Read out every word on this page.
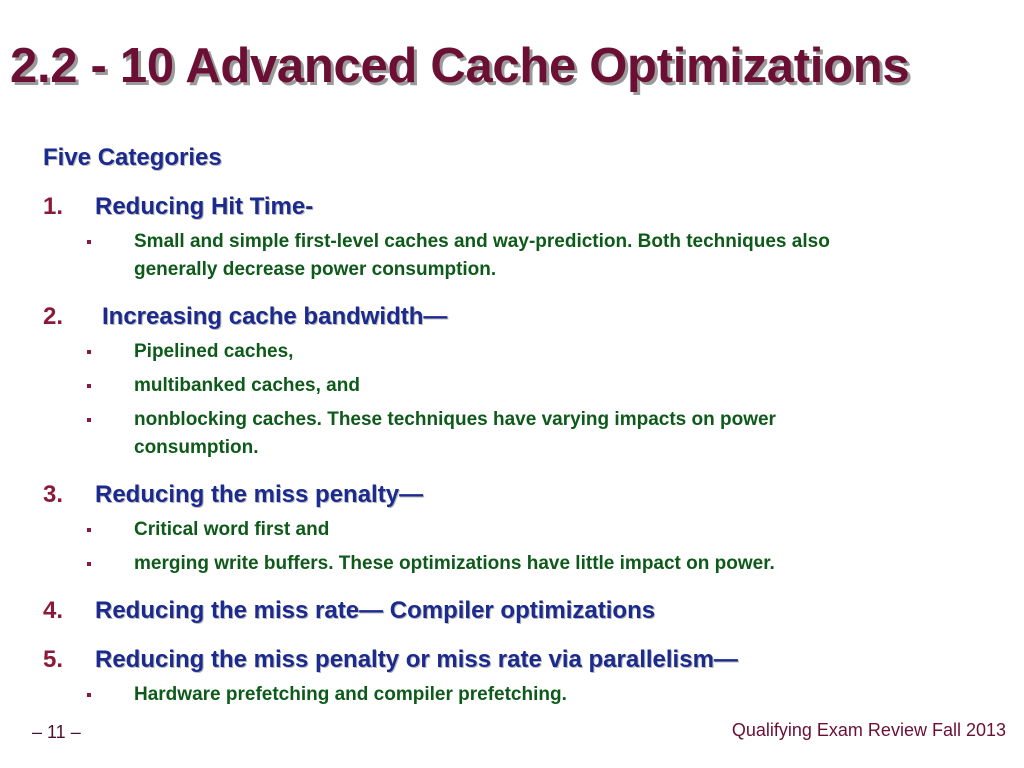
2.2 - 10 Advanced Cache Optimizations
Five Categories
1. Reducing Hit Time-
Small and simple first-level caches and way-prediction. Both techniques also generally decrease power consumption.
2. Increasing cache bandwidth—
Pipelined caches,
multibanked caches, and
nonblocking caches. These techniques have varying impacts on power consumption.
3. Reducing the miss penalty—
Critical word first and
merging write buffers. These optimizations have little impact on power.
4. Reducing the miss rate— Compiler optimizations
5. Reducing the miss penalty or miss rate via parallelism—
Hardware prefetching and compiler prefetching.
– 11 –	Qualifying Exam Review Fall 2013
